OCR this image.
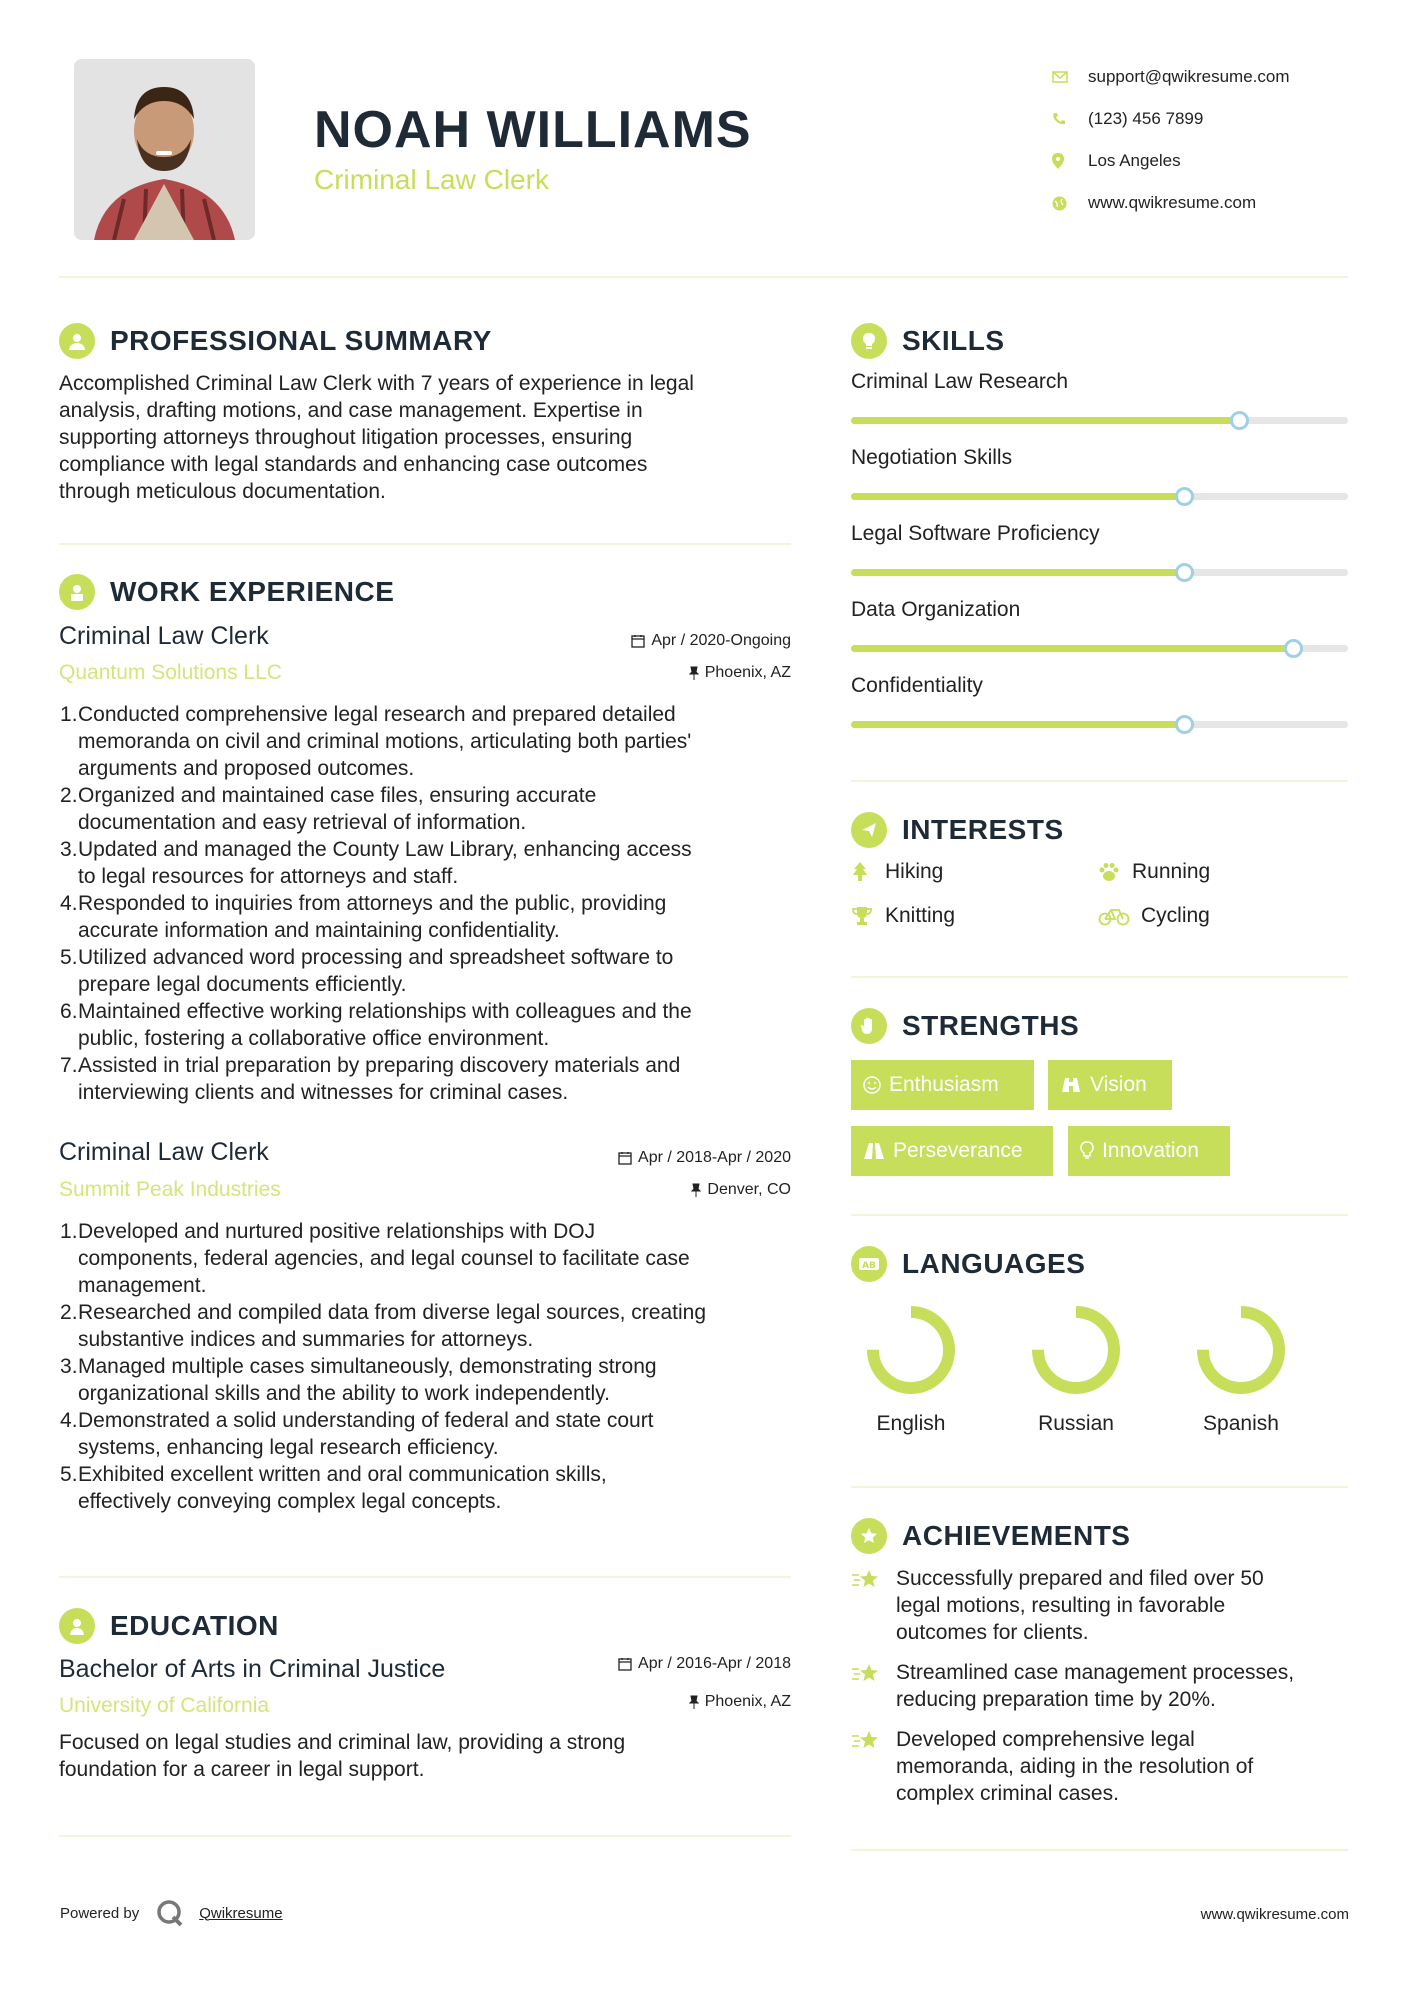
NOAH WILLIAMS
Criminal Law Clerk
support@qwikresume.com
(123) 456 7899
Los Angeles
www.qwikresume.com
PROFESSIONAL SUMMARY
Accomplished Criminal Law Clerk with 7 years of experience in legal
analysis, drafting motions, and case management. Expertise in
supporting attorneys throughout litigation processes, ensuring
compliance with legal standards and enhancing case outcomes
through meticulous documentation.
WORK EXPERIENCE
Criminal Law Clerk
Quantum Solutions LLC
Apr / 2020-Ongoing
Phoenix, AZ
Conducted comprehensive legal research and prepared detailed
memoranda on civil and criminal motions, articulating both parties'
arguments and proposed outcomes.
Organized and maintained case files, ensuring accurate
documentation and easy retrieval of information.
Updated and managed the County Law Library, enhancing access
to legal resources for attorneys and staff.
Responded to inquiries from attorneys and the public, providing
accurate information and maintaining confidentiality.
Utilized advanced word processing and spreadsheet software to
prepare legal documents efficiently.
Maintained effective working relationships with colleagues and the
public, fostering a collaborative office environment.
Assisted in trial preparation by preparing discovery materials and
interviewing clients and witnesses for criminal cases.
Criminal Law Clerk
Summit Peak Industries
Apr / 2018-Apr / 2020
Denver, CO
Developed and nurtured positive relationships with DOJ
components, federal agencies, and legal counsel to facilitate case
management.
Researched and compiled data from diverse legal sources, creating
substantive indices and summaries for attorneys.
Managed multiple cases simultaneously, demonstrating strong
organizational skills and the ability to work independently.
Demonstrated a solid understanding of federal and state court
systems, enhancing legal research efficiency.
Exhibited excellent written and oral communication skills,
effectively conveying complex legal concepts.
EDUCATION
Bachelor of Arts in Criminal Justice
University of California
Apr / 2016-Apr / 2018
Phoenix, AZ
Focused on legal studies and criminal law, providing a strong
foundation for a career in legal support.
SKILLS
Criminal Law Research
Negotiation Skills
Legal Software Proficiency
Data Organization
Confidentiality
INTERESTS
Hiking	Running
Knitting	Cycling
STRENGTHS
Enthusiasm	Vision
Perseverance	Innovation
AB LANGUAGES
English	Russian	Spanish
ACHIEVEMENTS
Successfully prepared and filed over 50
legal motions, resulting in favorable
outcomes for clients.
Streamlined case management processes,
reducing preparation time by 20%.
Developed comprehensive legal
memoranda, aiding in the resolution of
complex criminal cases.
Powered by	Qwikresume	www.qwikresume.com
